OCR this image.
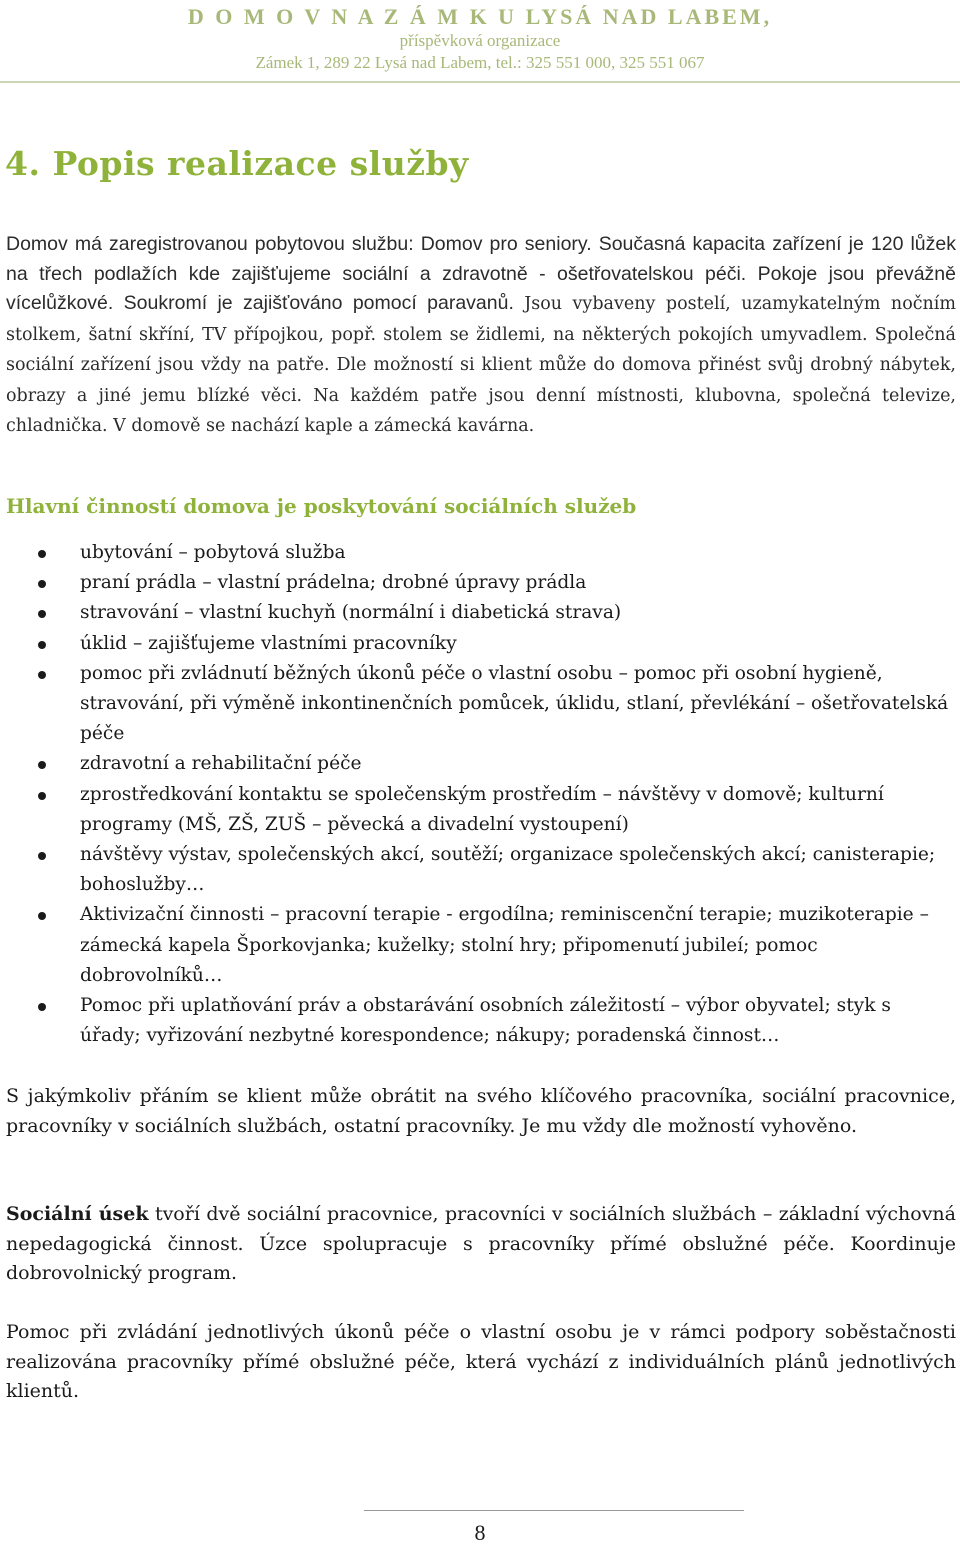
D O M O V N A Z Á M K U LYSÁ NAD LABEM,
příspěvková organizace
Zámek 1, 289 22 Lysá nad Labem, tel.: 325 551 000, 325 551 067
4. Popis realizace služby

Domov má zaregistrovanou pobytovou službu: Domov pro seniory. Současná kapacita zařízení je 120 lůžek na třech podlažích kde zajišťujeme sociální a zdravotně - ošetřovatelskou péči. Pokoje jsou převážně vícelůžkové. Soukromí je zajišťováno pomocí paravanů. Jsou vybaveny postelí, uzamykatelným nočním stolkem, šatní skříní, TV přípojkou, popř. stolem se židlemi, na některých pokojích umyvadlem. Společná sociální zařízení jsou vždy na patře. Dle možností si klient může do domova přinést svůj drobný nábytek, obrazy a jiné jemu blízké věci. Na každém patře jsou denní místnosti, klubovna, společná televize, chladnička. V domově se nachází kaple a zámecká kavárna.

Hlavní činností domova je poskytování sociálních služeb
ubytování – pobytová služba
praní prádla – vlastní prádelna; drobné úpravy prádla
stravování – vlastní kuchyň (normální i diabetická strava)
úklid – zajišťujeme vlastními pracovníky
pomoc při zvládnutí běžných úkonů péče o vlastní osobu – pomoc při osobní hygieně, stravování, při výměně inkontinenčních pomůcek, úklidu, stlaní, převlékání – ošetřovatelská péče
zdravotní a rehabilitační péče
zprostředkování kontaktu se společenským prostředím – návštěvy v domově; kulturní programy (MŠ, ZŠ, ZUŠ – pěvecká a divadelní vystoupení)
návštěvy výstav, společenských akcí, soutěží; organizace společenských akcí; canisterapie; bohoslužby…
Aktivizační činnosti – pracovní terapie - ergodílna; reminiscenční terapie; muzikoterapie – zámecká kapela Šporkovjanka; kuželky; stolní hry; připomenutí jubileí; pomoc dobrovolníků…
Pomoc při uplatňování práv a obstarávání osobních záležitostí – výbor obyvatel; styk s úřady; vyřizování nezbytné korespondence; nákupy; poradenská činnost…

S jakýmkoliv přáním se klient může obrátit na svého klíčového pracovníka, sociální pracovnice, pracovníky v sociálních službách, ostatní pracovníky. Je mu vždy dle možností vyhověno.

Sociální úsek tvoří dvě sociální pracovnice, pracovníci v sociálních službách – základní výchovná nepedagogická činnost. Úzce spolupracuje s pracovníky přímé obslužné péče. Koordinuje dobrovolnický program.

Pomoc při zvládání jednotlivých úkonů péče o vlastní osobu je v rámci podpory soběstačnosti realizována pracovníky přímé obslužné péče, která vychází z individuálních plánů jednotlivých klientů.

8
